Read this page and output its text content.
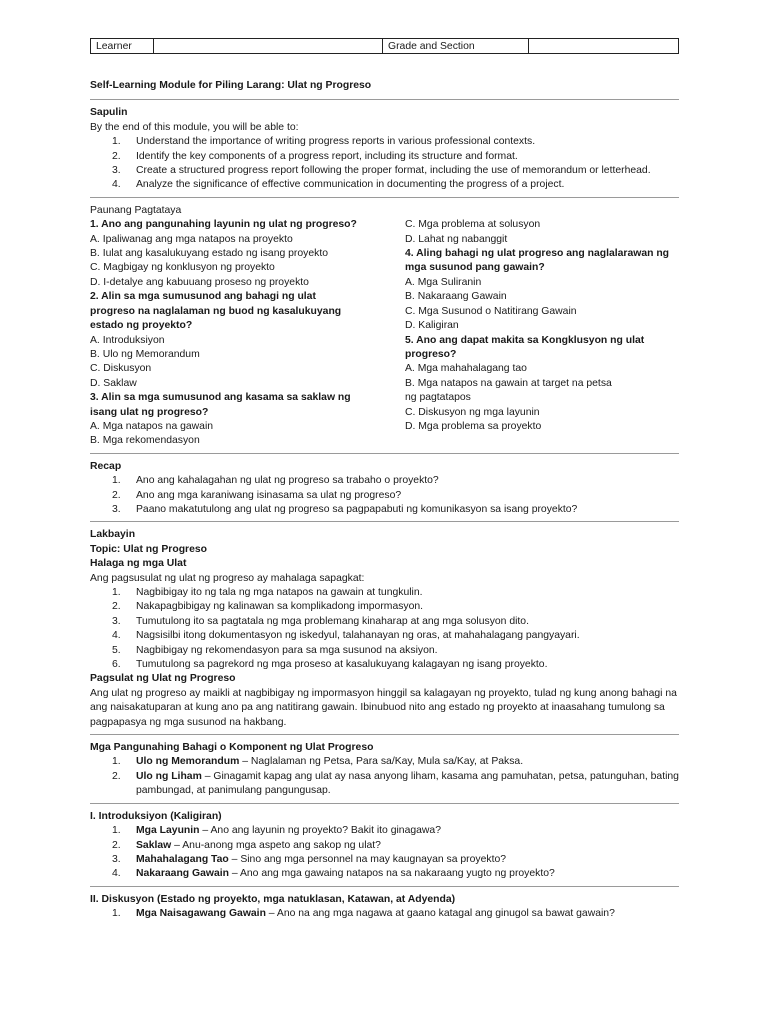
Learner		Grade and Section	
Self-Learning Module for Piling Larang: Ulat ng Progreso
Sapulin

By the end of this module, you will be able to:

1. Understand the importance of writing progress reports in various professional contexts.
2. Identify the key components of a progress report, including its structure and format.
3. Create a structured progress report following the proper format, including the use of memorandum or letterhead.
4. Analyze the significance of effective communication in documenting the progress of a project.
Paunang Pagtataya

1. Ano ang pangunahing layunin ng ulat ng progreso?

A. Ipaliwanag ang mga natapos na proyekto

B. Iulat ang kasalukuyang estado ng isang proyekto

C. Magbigay ng konklusyon ng proyekto

D. I-detalye ang kabuuang proseso ng proyekto

2. Alin sa mga sumusunod ang bahagi ng ulat progreso na naglalaman ng buod ng kasalukuyang estado ng proyekto?

A. Introduksiyon

B. Ulo ng Memorandum

C. Diskusyon

D. Saklaw

3. Alin sa mga sumusunod ang kasama sa saklaw ng isang ulat ng progreso?

A. Mga natapos na gawain

B. Mga rekomendasyon

C. Mga problema at solusyon

D. Lahat ng nabanggit

4. Aling bahagi ng ulat progreso ang naglalarawan ng mga susunod pang gawain?

A. Mga Suliranin

B. Nakaraang Gawain

C. Mga Susunod o Natitirang Gawain

D. Kaligiran

5. Ano ang dapat makita sa Kongklusyon ng ulat progreso?

A. Mga mahahalagang tao

B. Mga natapos na gawain at target na petsa ng pagtatapos

C. Diskusyon ng mga layunin

D. Mga problema sa proyekto

Recap
1. Ano ang kahalagahan ng ulat ng progreso sa trabaho o proyekto?
2. Ano ang mga karaniwang isinasama sa ulat ng progreso?
3. Paano makatutulong ang ulat ng progreso sa pagpapabuti ng komunikasyon sa isang proyekto?
Lakbayin
Topic: Ulat ng Progreso
Halaga ng mga Ulat

Ang pagsusulat ng ulat ng progreso ay mahalaga sapagkat:

1. Nagbibigay ito ng tala ng mga natapos na gawain at tungkulin.
2. Nakapagbibigay ng kalinawan sa komplikadong impormasyon.
3. Tumutulong ito sa pagtatala ng mga problemang kinaharap at ang mga solusyon dito.
4. Nagsisilbi itong dokumentasyon ng iskedyul, talahanayan ng oras, at mahahalagang pangyayari.
5. Nagbibigay ng rekomendasyon para sa mga susunod na aksiyon.
6. Tumutulong sa pagrekord ng mga proseso at kasalukuyang kalagayan ng isang proyekto.
Pagsulat ng Ulat ng Progreso

Ang ulat ng progreso ay maikli at nagbibigay ng impormasyon hinggil sa kalagayan ng proyekto, tulad ng kung anong bahagi na ang naisakatuparan at kung ano pa ang natitirang gawain. Ibinubuod nito ang estado ng proyekto at inaasahang tumulong sa pagpapasya ng mga susunod na hakbang.

Mga Pangunahing Bahagi o Komponent ng Ulat Progreso
1. Ulo ng Memorandum – Naglalaman ng Petsa, Para sa/Kay, Mula sa/Kay, at Paksa.
2. Ulo ng Liham – Ginagamit kapag ang ulat ay nasa anyong liham, kasama ang pamuhatan, petsa, patunguhan, bating pambungad, at panimulang pangungusap.
I. Introduksiyon (Kaligiran)
1. Mga Layunin – Ano ang layunin ng proyekto? Bakit ito ginagawa?
2. Saklaw – Anu-anong mga aspeto ang sakop ng ulat?
3. Mahahalagang Tao – Sino ang mga personnel na may kaugnayan sa proyekto?
4. Nakaraang Gawain – Ano ang mga gawaing natapos na sa nakaraang yugto ng proyekto?
II. Diskusyon (Estado ng proyekto, mga natuklasan, Katawan, at Adyenda)
1. Mga Naisagawang Gawain – Ano na ang mga nagawa at gaano katagal ang ginugol sa bawat gawain?
